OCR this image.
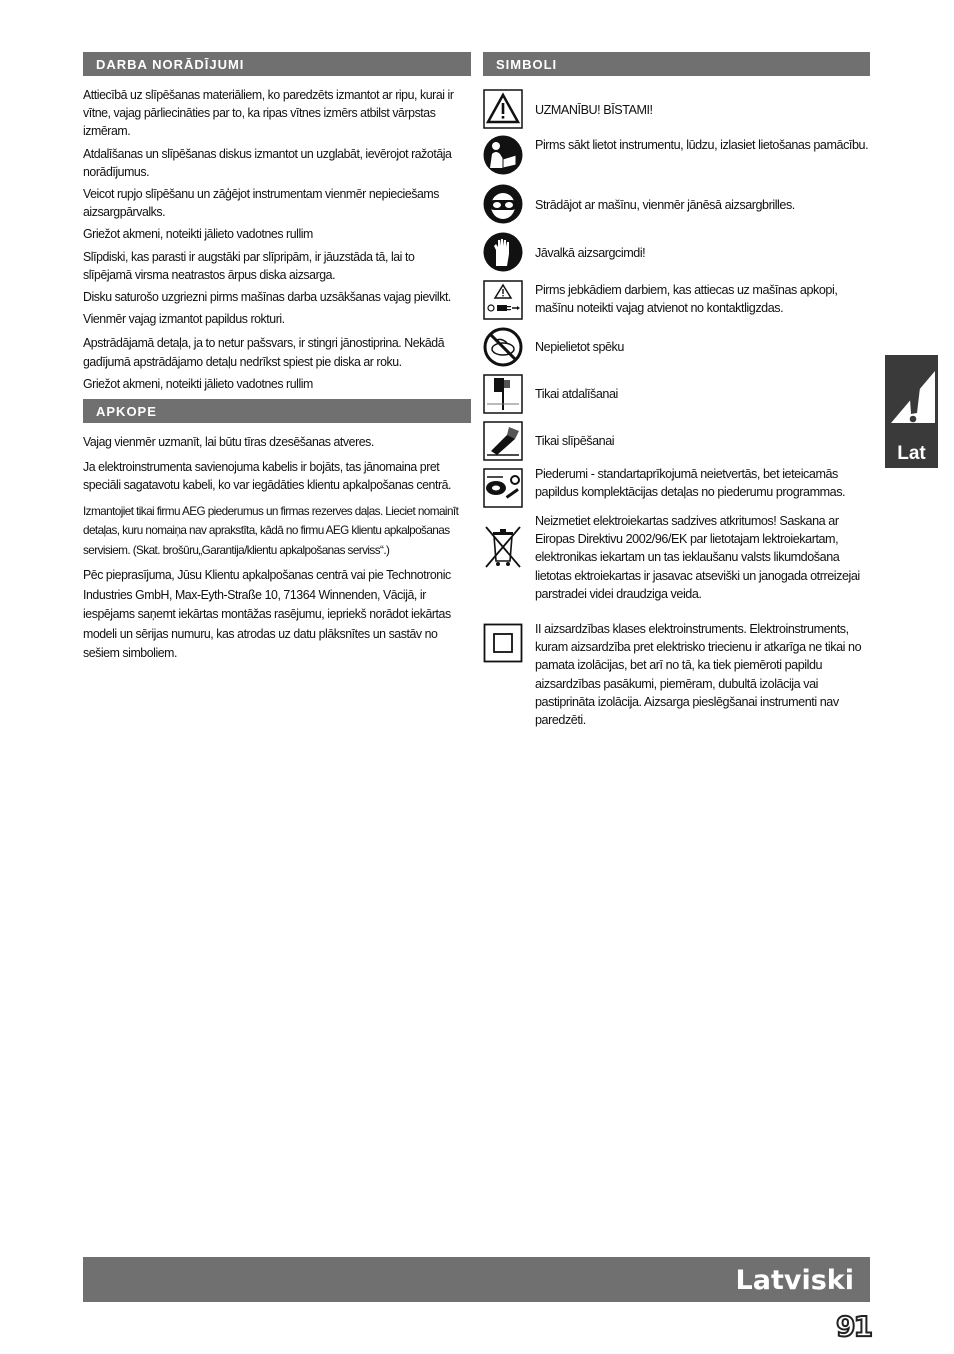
DARBA NORĀDĪJUMI

Attiecībā uz slīpēšanas materiāliem, ko paredzēts izmantot ar ripu, kurai ir vītne, vajag pārliecināties par to, ka ripas vītnes izmērs atbilst vārpstas izmēram.

Atdalīšanas un slīpēšanas diskus izmantot un uzglabāt, ievērojot ražotāja norādījumus.

Veicot rupjo slīpēšanu un zāģējot instrumentam vienmēr nepieciešams aizsargpārvalks.

Griežot akmeni, noteikti jālieto vadotnes rullim

Slīpdiski, kas parasti ir augstāki par slīpripām, ir jāuzstāda tā, lai to slīpējamā virsma neatrastos ārpus diska aizsarga.

Disku saturošo uzgriezni pirms mašīnas darba uzsākšanas vajag pievilkt.

Vienmēr vajag izmantot papildus rokturi.

Apstrādājamā detaļa, ja to netur pašsvars, ir stingri jānostiprina. Nekādā gadījumā apstrādājamo detaļu nedrīkst spiest pie diska ar roku.

Griežot akmeni, noteikti jālieto vadotnes rullim

APKOPE

Vajag vienmēr uzmanīt, lai būtu tīras dzesēšanas atveres.

Ja elektroinstrumenta savienojuma kabelis ir bojāts, tas jānomaina pret speciāli sagatavotu kabeli, ko var iegādāties klientu apkalpošanas centrā.

Izmantojiet tikai firmu AEG piederumus un firmas rezerves daļas. Lieciet nomainīt detaļas, kuru nomaiņa nav aprakstīta, kādā no firmu AEG klientu apkalpošanas servisiem. (Skat. brošūru„Garantija/klientu apkalpošanas serviss“.)

Pēc pieprasījuma, Jūsu Klientu apkalpošanas centrā vai pie Technotronic Industries GmbH, Max-Eyth-Straße 10, 71364 Winnenden, Vācijā, ir iespējams saņemt iekārtas montāžas rasējumu, iepriekš norādot iekārtas modeli un sērijas numuru, kas atrodas uz datu plāksnītes un sastāv no sešiem simboliem.

SIMBOLI
UZMANĪBU! BĪSTAMI!
Pirms sākt lietot instrumentu, lūdzu, izlasiet lietošanas pamācību.
Strādājot ar mašīnu, vienmēr jānēsā aizsargbrilles.
Jāvalkā aizsargcimdi!
Pirms jebkādiem darbiem, kas attiecas uz mašīnas apkopi, mašīnu noteikti vajag atvienot no kontaktligzdas.
Nepielietot spēku
Tikai atdalīšanai
Tikai slīpēšanai
Piederumi - standartaprīkojumā neietvertās, bet ieteicamās papildus komplektācijas detaļas no piederumu programmas.
Neizmetiet elektroiekartas sadzives atkritumos! Saskana ar Eiropas Direktivu 2002/96/EK par lietotajam lektroiekartam, elektronikas iekartam un tas ieklaušanu valsts likumdošana lietotas ektroiekartas ir jasavac atseviški un janogada otrreizejai parstradei videi draudziga veida.
II aizsardzības klases elektroinstruments. Elektroinstruments, kuram aizsardzība pret elektrisko triecienu ir atkarīga ne tikai no pamata izolācijas, bet arī no tā, ka tiek piemēroti papildu aizsardzības pasākumi, piemēram, dubultā izolācija vai pastiprināta izolācija. Aizsarga pieslēgšanai instrumenti nav paredzēti.
Lat
Latviski
91
